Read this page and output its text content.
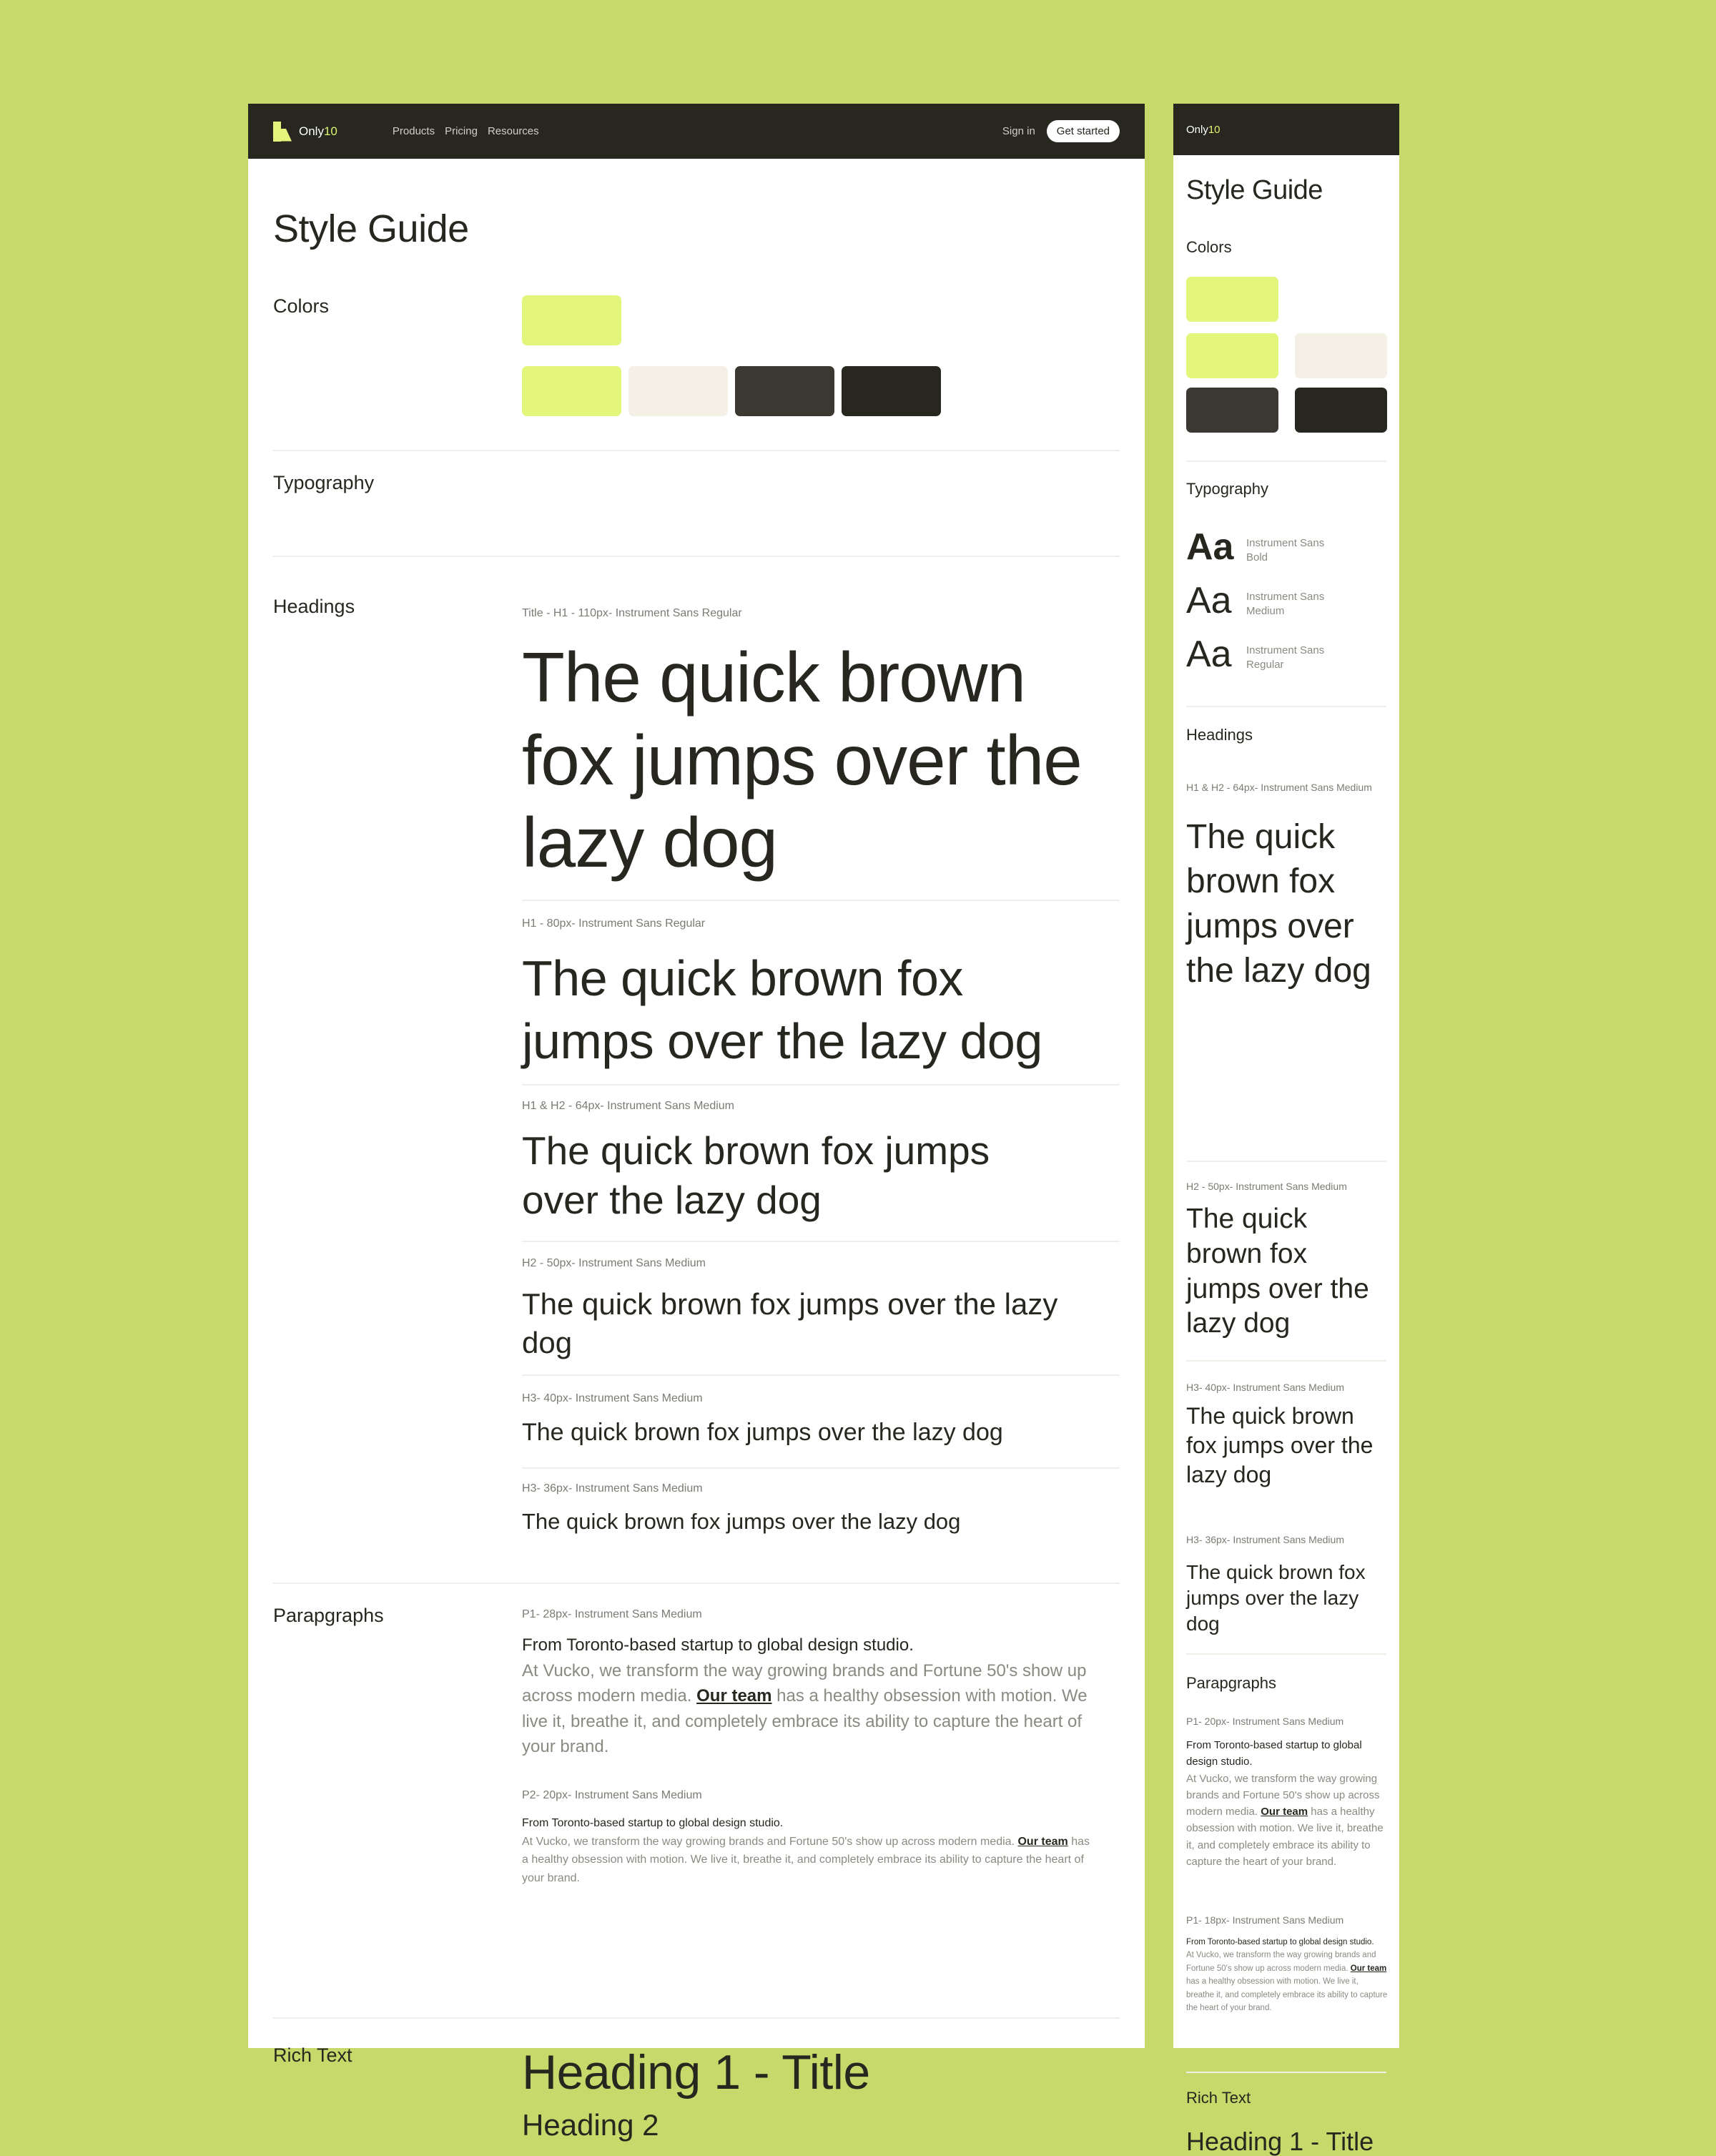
Only 10	Products Pricing Resources	Sign in	Get started
Style Guide
Colors
Typography
Headings	Title - H1 - 110px- Instrument Sans Regular
The quick brown fox jumps over the lazy dog
H1 - 80px- Instrument Sans Regular
The quick brown fox jumps over the lazy dog
H1 & H2 - 64px- Instrument Sans Medium
The quick brown fox jumps over the lazy dog
H2 - 50px- Instrument Sans Medium
The quick brown fox jumps over the lazy dog
H3- 40px- Instrument Sans Medium
The quick brown fox jumps over the lazy dog
H3- 36px- Instrument Sans Medium
The quick brown fox jumps over the lazy dog
Parapgraphs	P1- 28px- Instrument Sans Medium
From Toronto-based startup to global design studio.
At Vucko, we transform the way growing brands and Fortune 50's show up across modern media. Our team has a healthy obsession with motion. We live it, breathe it, and completely embrace its ability to capture the heart of your brand.
P2- 20px- Instrument Sans Medium
From Toronto-based startup to global design studio.
At Vucko, we transform the way growing brands and Fortune 50's show up across modern media. Our team has a healthy obsession with motion. We live it, breathe it, and completely embrace its ability to capture the heart of your brand.
Rich Text	Heading 1 - Title
Heading 2
Only 10
Style Guide
Colors
Typography
Aa Instrument Sans Bold
Aa Instrument Sans Medium
Aa Instrument Sans Regular
Headings
H1 & H2 - 64px- Instrument Sans Medium
The quick brown fox jumps over the lazy dog
H2 - 50px- Instrument Sans Medium
The quick brown fox jumps over the lazy dog
H3- 40px- Instrument Sans Medium
The quick brown fox jumps over the lazy dog
H3- 36px- Instrument Sans Medium
The quick brown fox jumps over the lazy dog
Parapgraphs
P1- 20px- Instrument Sans Medium
From Toronto-based startup to global design studio.
At Vucko, we transform the way growing brands and Fortune 50's show up across modern media. Our team has a healthy obsession with motion. We live it, breathe it, and completely embrace its ability to capture the heart of your brand.
P1- 18px- Instrument Sans Medium
From Toronto-based startup to global design studio.
At Vucko, we transform the way growing brands and Fortune 50's show up across modern media. Our team has a healthy obsession with motion. We live it, breathe it, and completely embrace its ability to capture the heart of your brand.
Rich Text
Heading 1 - Title
